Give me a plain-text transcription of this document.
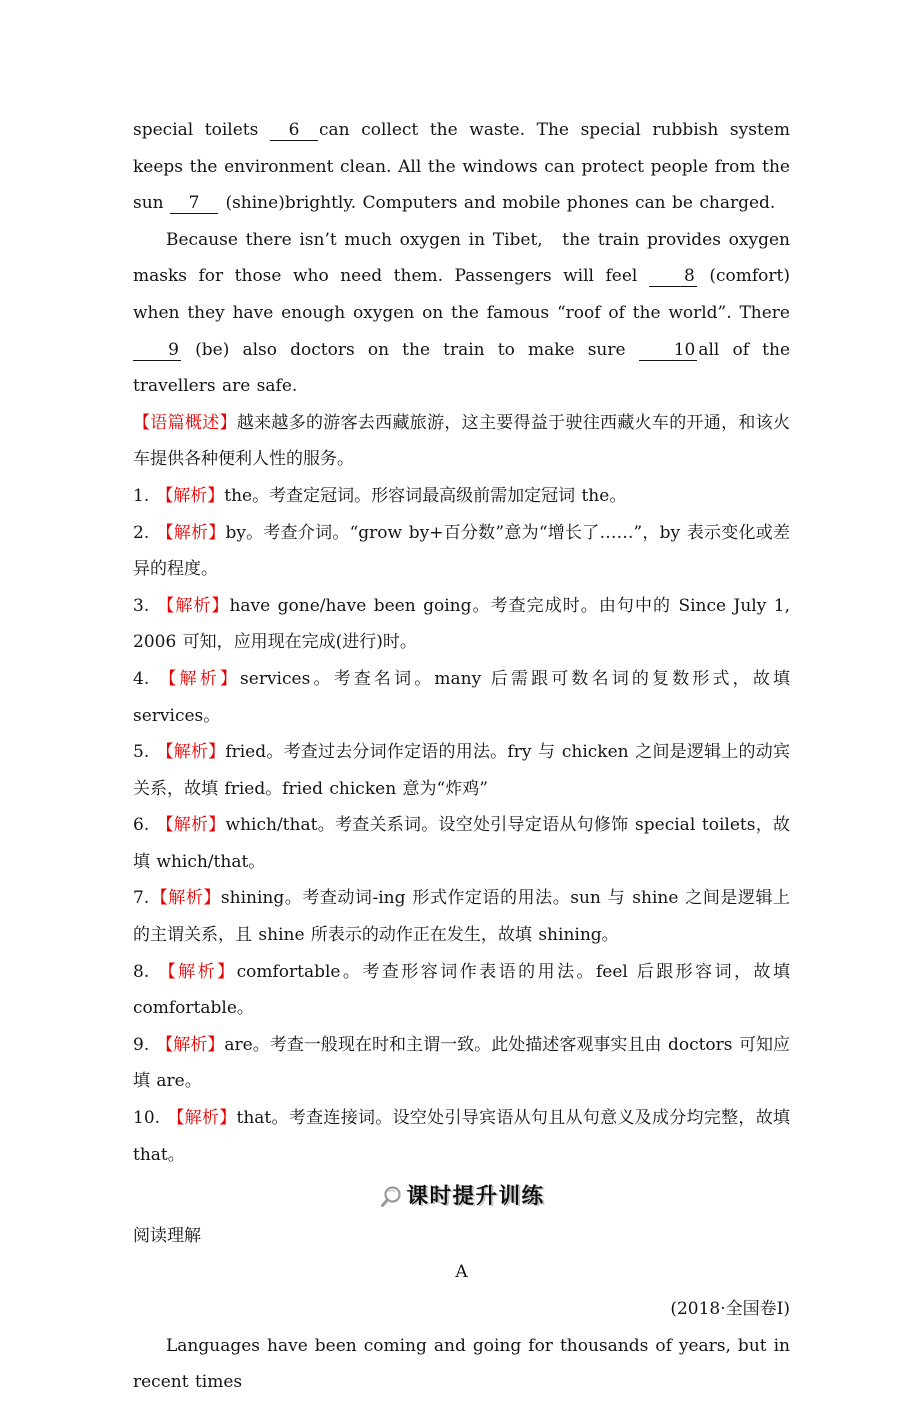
special toilets 6 can collect the waste. The special rubbish system keeps the environment clean. All the windows can protect people from the sun 7 (shine)brightly. Computers and mobile phones can be charged.

Because there isn’t much oxygen in Tibet,　the train provides oxygen masks for those who need them. Passengers will feel	8 (comfort) when they have enough oxygen on the famous “roof of the world”. There 9 (be) also doctors on the train to make sure	10 all of the travellers are safe.

【语篇概述】越来越多的游客去西藏旅游，这主要得益于驶往西藏火车的开通，和该火车提供各种便利人性的服务。

1. 【解析】the。考查定冠词。形容词最高级前需加定冠词 the。

2. 【解析】by。考查介词。“grow by+百分数”意为“增长了……”，by 表示变化或差异的程度。

3. 【解析】have gone/have been going。考查完成时。由句中的 Since July 1, 2006 可知，应用现在完成(进行)时。

4. 【解析】services。考查名词。many 后需跟可数名词的复数形式，故填 services。

5. 【解析】fried。考查过去分词作定语的用法。fry 与 chicken 之间是逻辑上的动宾关系，故填 fried。fried chicken 意为“炸鸡”

6. 【解析】which/that。考查关系词。设空处引导定语从句修饰 special toilets，故填 which/that。

7.【解析】shining。考查动词-ing 形式作定语的用法。sun 与 shine 之间是逻辑上的主谓关系，且 shine 所表示的动作正在发生，故填 shining。

8. 【解析】comfortable。考查形容词作表语的用法。feel 后跟形容词，故填 comfortable。

9. 【解析】are。考查一般现在时和主谓一致。此处描述客观事实且由 doctors 可知应填 are。

10. 【解析】that。考查连接词。设空处引导宾语从句且从句意义及成分均完整，故填 that。

课时提升训练

阅读理解

A

(2018·全国卷Ⅰ)

Languages have been coming and going for thousands of years, but in recent times
